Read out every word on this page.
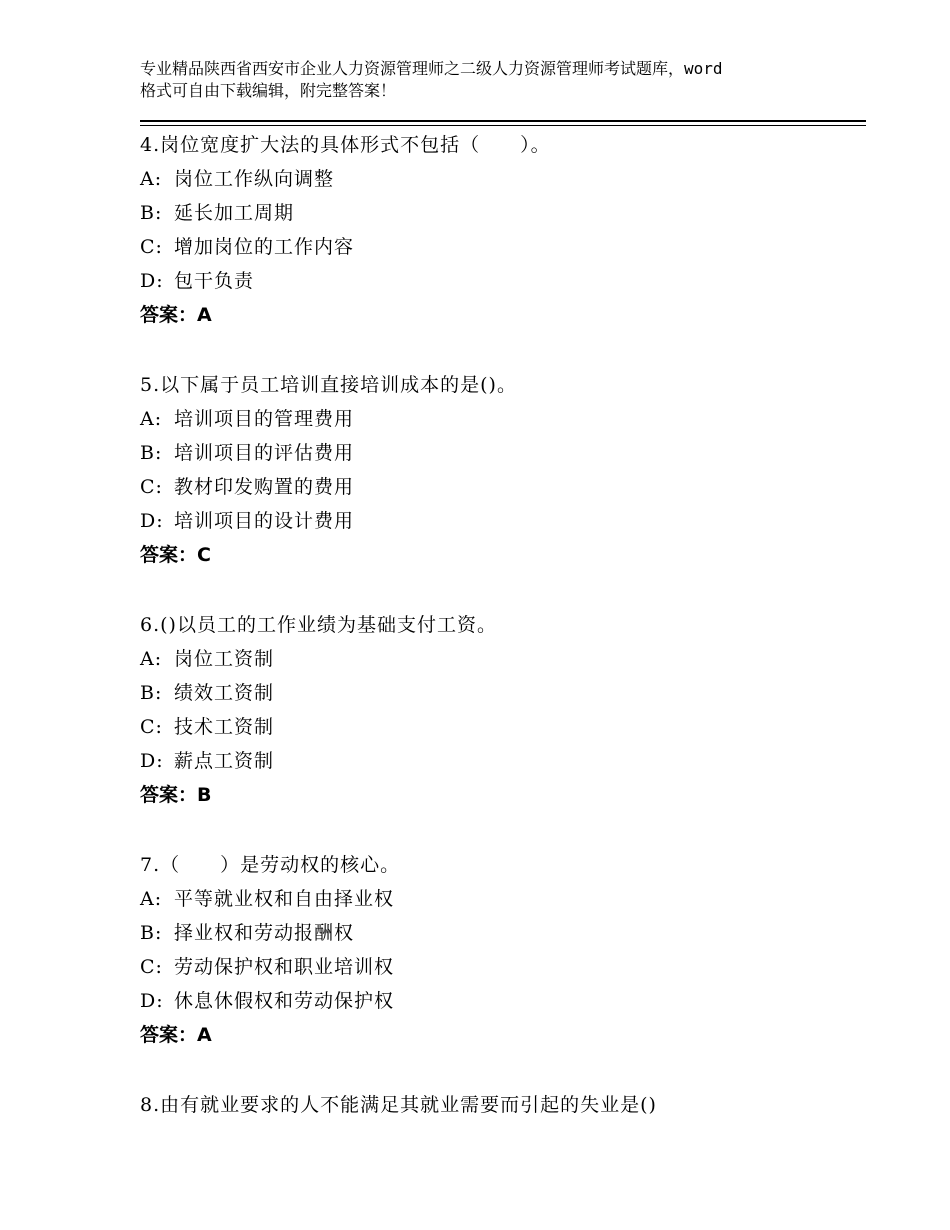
专业精品陕西省西安市企业人力资源管理师之二级人力资源管理师考试题库，word
格式可自由下载编辑，附完整答案！
4.岗位宽度扩大法的具体形式不包括（　　）。
A: 岗位工作纵向调整
B: 延长加工周期
C: 增加岗位的工作内容
D: 包干负责
答案：A
5.以下属于员工培训直接培训成本的是()。
A: 培训项目的管理费用
B: 培训项目的评估费用
C: 教材印发购置的费用
D: 培训项目的设计费用
答案：C
6.()以员工的工作业绩为基础支付工资。
A: 岗位工资制
B: 绩效工资制
C: 技术工资制
D: 薪点工资制
答案：B
7.（　　）是劳动权的核心。
A: 平等就业权和自由择业权
B: 择业权和劳动报酬权
C: 劳动保护权和职业培训权
D: 休息休假权和劳动保护权
答案：A
8.由有就业要求的人不能满足其就业需要而引起的失业是()
